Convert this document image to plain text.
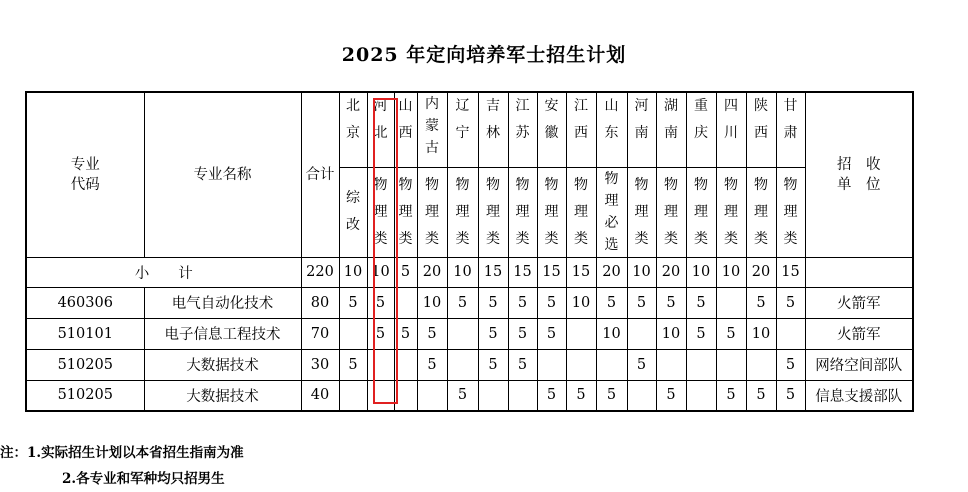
2025 年定向培养军士招生计划
专业
代码	专业名称	合计	北京	河北	山西	内蒙古	辽宁	吉林	江苏	安徽	江西	山东	河南	湖南	重庆	四川	陕西	甘肃	招　收
单　位

			综改	物理类	物理类	物理类	物理类	物理类	物理类	物理类	物理类	物理必选	物理类	物理类	物理类	物理类	物理类	物理类	
小　　计		220	10	10	5	20	10	15	15	15	15	20	10	20	10	10	20	15	
460306	电气自动化技术	80	5	5		10	5	5	5	5	10	5	5	5	5		5	5	火箭军
510101	电子信息工程技术	70		5	5	5		5	5	5		10		10	5	5	10		火箭军
510205	大数据技术	30	5			5		5	5				5					5	网络空间部队
510205	大数据技术	40					5			5	5	5		5		5	5	5	信息支援部队
注：1.实际招生计划以本省招生指南为准
2.各专业和军种均只招男生
